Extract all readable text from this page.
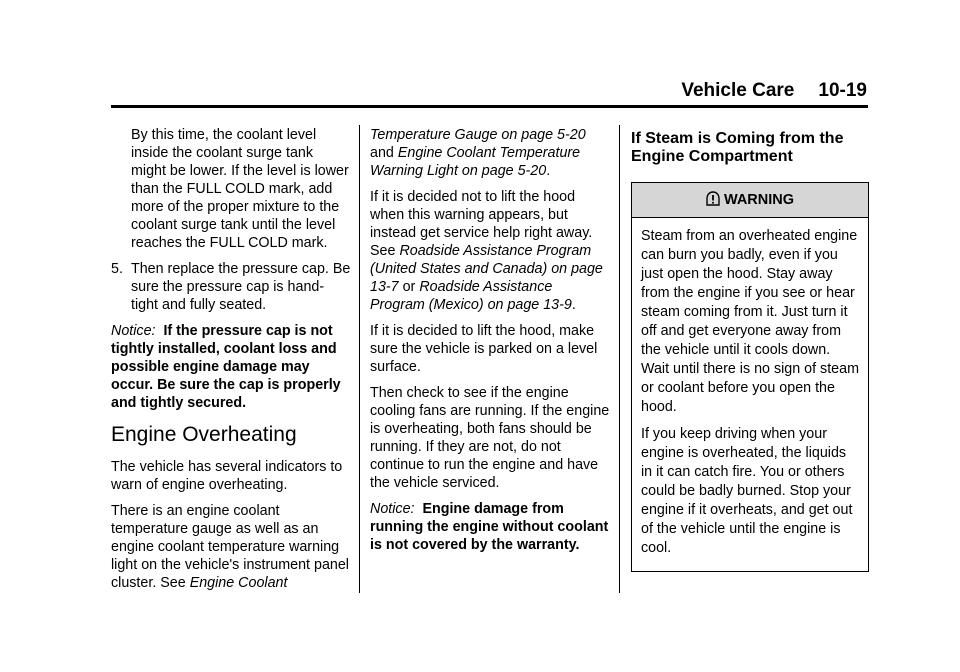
Vehicle Care 10-19

By this time, the coolant level inside the coolant surge tank might be lower. If the level is lower than the FULL COLD mark, add more of the proper mixture to the coolant surge tank until the level reaches the FULL COLD mark.

5. Then replace the pressure cap. Be sure the pressure cap is hand-tight and fully seated.

Notice: If the pressure cap is not tightly installed, coolant loss and possible engine damage may occur. Be sure the cap is properly and tightly secured.

Engine Overheating

The vehicle has several indicators to warn of engine overheating.

There is an engine coolant temperature gauge as well as an engine coolant temperature warning light on the vehicle's instrument panel cluster. See Engine Coolant

Temperature Gauge on page 5-20 and Engine Coolant Temperature Warning Light on page 5-20.

If it is decided not to lift the hood when this warning appears, but instead get service help right away. See Roadside Assistance Program (United States and Canada) on page 13-7 or Roadside Assistance Program (Mexico) on page 13-9.

If it is decided to lift the hood, make sure the vehicle is parked on a level surface.

Then check to see if the engine cooling fans are running. If the engine is overheating, both fans should be running. If they are not, do not continue to run the engine and have the vehicle serviced.

Notice: Engine damage from running the engine without coolant is not covered by the warranty.

If Steam is Coming from the Engine Compartment
WARNING

Steam from an overheated engine can burn you badly, even if you just open the hood. Stay away from the engine if you see or hear steam coming from it. Just turn it off and get everyone away from the vehicle until it cools down. Wait until there is no sign of steam or coolant before you open the hood.

If you keep driving when your engine is overheated, the liquids in it can catch fire. You or others could be badly burned. Stop your engine if it overheats, and get out of the vehicle until the engine is cool.
